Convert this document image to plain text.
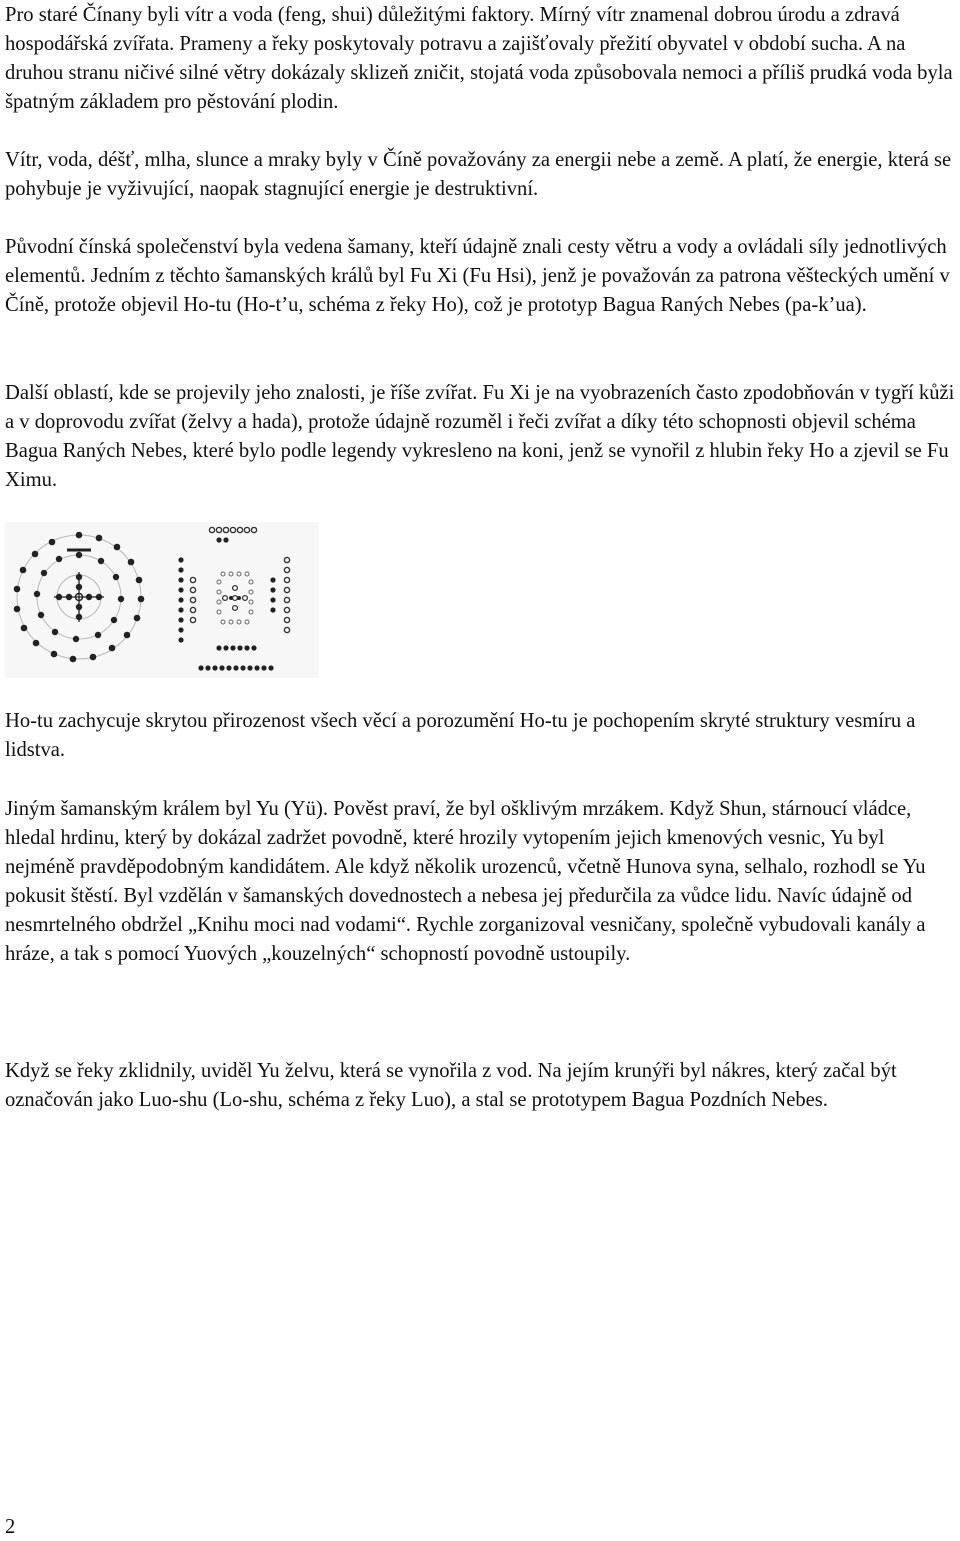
Pro staré Čínany byli vítr a voda (feng, shui) důležitými faktory. Mírný vítr znamenal dobrou úrodu a zdravá hospodářská zvířata. Prameny a řeky poskytovaly potravu a zajišťovaly přežití obyvatel v období sucha. A na druhou stranu ničivé silné větry dokázaly sklizeň zničit, stojatá voda způsobovala nemoci a příliš prudká voda byla špatným základem pro pěstování plodin.

Vítr, voda, déšť, mlha, slunce a mraky byly v Číně považovány za energii nebe a země. A platí, že energie, která se pohybuje je vyživující, naopak stagnující energie je destruktivní.

Původní čínská společenství byla vedena šamany, kteří údajně znali cesty větru a vody a ovládali síly jednotlivých elementů. Jedním z těchto šamanských králů byl Fu Xi (Fu Hsi), jenž je považován za patrona věšteckých umění v Číně, protože objevil Ho-tu (Ho-t’u, schéma z řeky Ho), což je prototyp Bagua Raných Nebes (pa-k’ua).

Další oblastí, kde se projevily jeho znalosti, je říše zvířat. Fu Xi je na vyobrazeních často zpodobňován v tygří kůži a v doprovodu zvířat (želvy a hada), protože údajně rozuměl i řeči zvířat a díky této schopnosti objevil schéma Bagua Raných Nebes, které bylo podle legendy vykresleno na koni, jenž se vynořil z hlubin řeky Ho a zjevil se Fu Ximu.

Ho-tu zachycuje skrytou přirozenost všech věcí a porozumění Ho-tu je pochopením skryté struktury vesmíru a lidstva.

Jiným šamanským králem byl Yu (Yü). Pověst praví, že byl ošklivým mrzákem. Když Shun, stárnoucí vládce, hledal hrdinu, který by dokázal zadržet povodně, které hrozily vytopením jejich kmenových vesnic, Yu byl nejméně pravděpodobným kandidátem. Ale když několik urozenců, včetně Hunova syna, selhalo, rozhodl se Yu pokusit štěstí. Byl vzdělán v šamanských dovednostech a nebesa jej předurčila za vůdce lidu. Navíc údajně od nesmrtelného obdržel „Knihu moci nad vodami“. Rychle zorganizoval vesničany, společně vybudovali kanály a hráze, a tak s pomocí Yuových „kouzelných“ schopností povodně ustoupily.

Když se řeky zklidnily, uviděl Yu želvu, která se vynořila z vod. Na jejím krunýři byl nákres, který začal být označován jako Luo-shu (Lo-shu, schéma z řeky Luo), a stal se prototypem Bagua Pozdních Nebes.

2
